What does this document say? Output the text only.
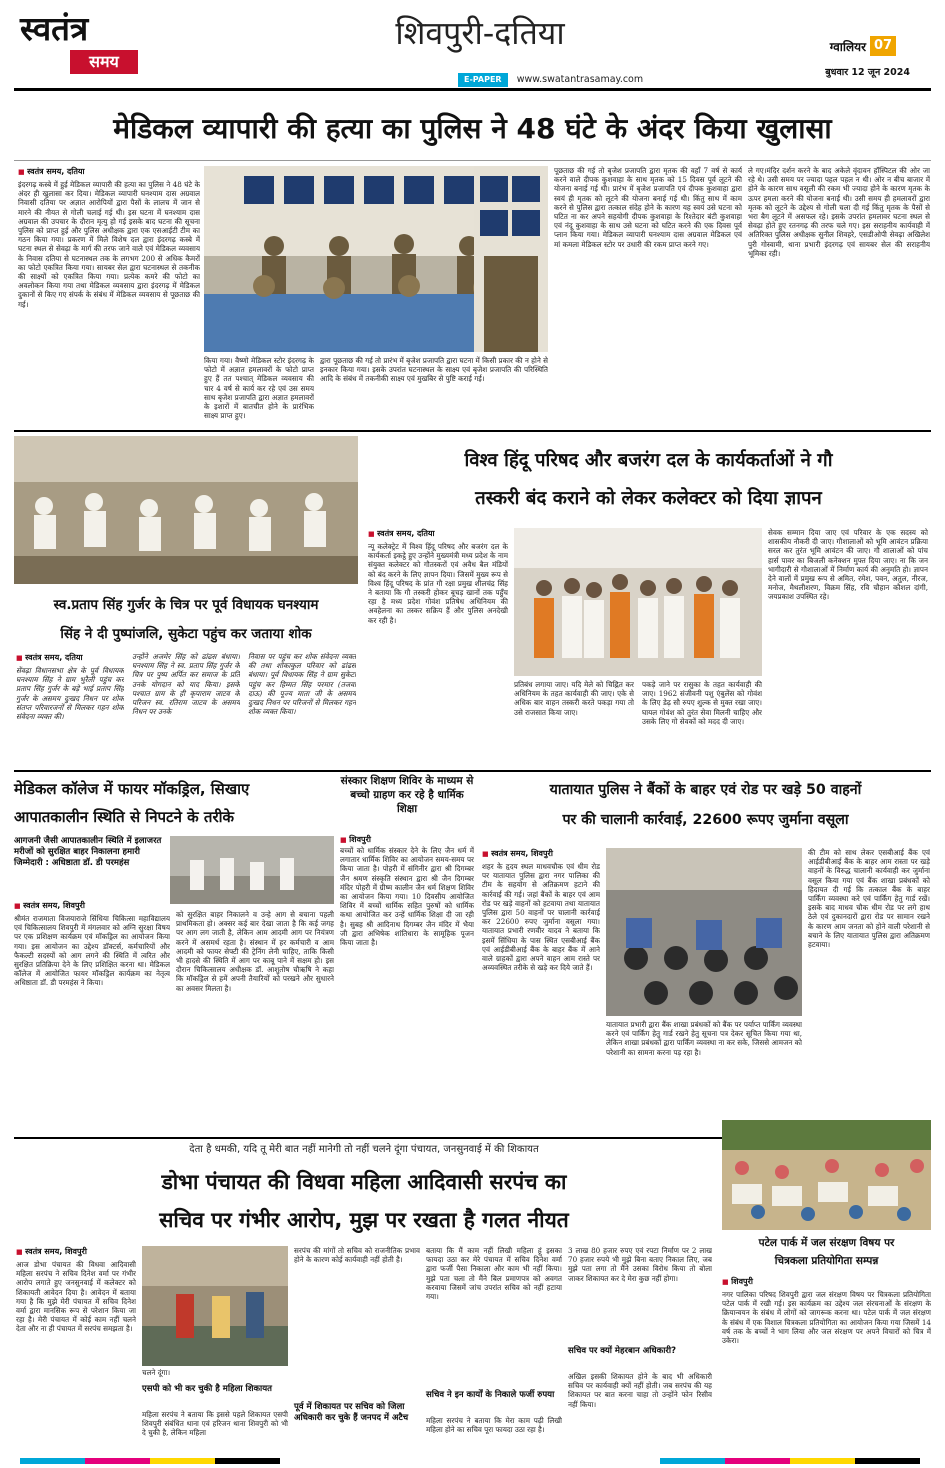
स्वतंत्र
समय
शिवपुरी-दतिया
E-PAPER www.swatantrasamay.com
ग्वालियर 07
बुधवार 12 जून 2024
मेडिकल व्यापारी की हत्या का पुलिस ने 48 घंटे के अंदर किया खुलासा
■ स्वतंत्र समय, दतिया
इंदरगढ़ कस्बे में हुई मेडिकल व्यापारी की हत्या का पुलिस ने 48 घंटे के अंदर ही खुलासा कर दिया। मेडिकल व्यापारी घनश्याम दास अग्रवाल निवासी दतिया पर अज्ञात आरोपियों द्वारा पैसों के लालच में जान से मारने की नीयत से गोली चलाई गई थी। इस घटना में घनश्याम दास अग्रवाल की उपचार के दौरान मृत्यु हो गई इसके बाद घटना की सूचना पुलिस को प्राप्त हुई और पुलिस अधीक्षक द्वारा एक एसआईटी टीम का गठन किया गया। प्रकरण में मिले विशेष दल द्वारा इंदरगढ़ कस्बे में घटना स्थल से सेवढ़ा के मार्ग की तरफ जाने वाले एवं मेडिकल व्यवसाय के निवास दतिया से घटनास्थल तक के लगभग 200 से अधिक कैमरों का फोटो एकत्रित किया गया। सायबर सेल द्वारा घटनास्थल से तकनीक की साक्ष्यों को एकत्रित किया गया। प्रत्येक कमरे की फोटो का अवलोकन किया गया तथा मेडिकल व्यवसाय द्वारा इंदरगढ़ में मेडिकल दुकानों से किए गए संपर्क के संबंध में मेडिकल व्यवसाय से पूछताछ की गई।
किया गया। वैष्णो मेडिकल स्टोर इंदरगढ़ के फोटो में अज्ञात हमलावरों के फोटो प्राप्त हुए हैं तत पश्चात् मेडिकल व्यवसाय की चार 4 वर्ष से कार्य कर रहे एवं उस समय साथ बृजेश प्रजापति द्वारा अज्ञात हमलावरों के इशारों में बातचीत होने के प्रारंभिक साक्ष्य प्राप्त हुए।
द्वारा पूछताछ की गई तो प्रारंभ में बृजेश प्रजापति द्वारा घटना में किसी प्रकार की न होने से इनकार किया गया। इसके उपरांत घटनास्थल के साक्ष्य एवं बृजेश प्रजापति की परिस्थिति आदि के संबंध में तकनीकी साक्ष्य एवं मुखबिर से पुष्टि कराई गई।
पूछताछ की गई तो बृजेश प्रजापति द्वारा मृतक की वहाँ 7 वर्ष से कार्य करने वाले दीपक कुशवाहा के साथ मृतक को 15 दिवस पूर्व लूटने की योजना बनाई गई थी। प्रारंभ में बृजेश प्रजापति एवं दीपक कुशवाहा द्वारा स्वयं ही मृतक को लूटने की योजना बनाई गई थी। किंतु साथ में काम करने से पुलिस द्वारा तत्काल संदेह होने के कारण यह स्वयं उसे घटना को घटित ना कर अपने सहयोगी दीपक कुशवाहा के रिश्तेदार बंटी कुशवाहा एवं नंदू कुशवाहा के साथ उसे घटना को घटित करने की एक दिवस पूर्व प्लान किया गया। मेडिकल व्यापारी घनश्याम दास अग्रवाल मेडिकल एवं मां कमला मेडिकल स्टोर पर उधारी की रकम प्राप्त करने गए।
ले गए।मंदिर दर्शन करने के बाद अकेले वृंदावन हॉस्पिटल की ओर जा रहे थे। उसी समय पर ज्यादा पहल पहल न थी। ओर न बीच बाजार में होने के कारण साथ वसूली की रकम भी ज्यादा होने के कारण मृतक के ऊपर हमला करने की योजना बनाई थी। उसी समय ही हमलावरों द्वारा मृतक को लूटने के उद्देश्य से गोली चला दी गई किंतु मृतक के पैसों से भरा बैग लूटने में असफल रहे। इसके उपरांत हमलावर घटना स्थल से सेवढ़ा होते हुए रतनगढ़ की तरफ चले गए। इस सराहनीय कार्यवाही में अतिरिक्त पुलिस अधीक्षक सुनील शिवहरे, एसडीओपी सेवढ़ा अखिलेश पुरी गोस्वामी, थाना प्रभारी इंदरगढ़ एवं सायबर सेल की सराहनीय भूमिका रही।
स्व.प्रताप सिंह गुर्जर के चित्र पर पूर्व विधायक घनश्याम
सिंह ने दी पुष्पांजलि, सुकेटा पहुंच कर जताया शोक
■ स्वतंत्र समय, दतिया
सेंवढ़ा विधानसभा क्षेत्र के पूर्व विधायक घनश्याम सिंह ने ग्राम भुरैली पहुंच कर प्रताप सिंह गुर्जर के बड़े भाई प्रताप सिंह गुर्जर के असमय दुःखद निधन पर शोक संतप्त परिवारजनों से मिलकर गहन शोक संवेदना व्यक्त की।
उन्होंने अजमेर सिंह को ढांढस बंधाया। घनश्याम सिंह ने स्व. प्रताप सिंह गुर्जर के चित्र पर पुष्प अर्पित कर समाज के प्रति उनके योगदान को याद किया। इसके पश्चात ग्राम के ही कृपाराम जाटव के परिजन स्व. रतिराम जाटव के असमय निधन पर उनके
निवास पर पहुंच कर शोक संवेदना व्यक्त की तथा शोकाकुल परिवार को ढांढस बंधाया। पूर्व विधायक सिंह ने ग्राम सुकेटा पहुंच कर हिम्मत सिंह परमार (तजवा दाऊ) की पूज्य माता जी के असमय दुःखद निधन पर परिजनों से मिलकर गहन शोक व्यक्त किया।
विश्व हिंदू परिषद और बजरंग दल के कार्यकर्ताओं ने गौ
तस्करी बंद कराने को लेकर कलेक्टर को दिया ज्ञापन
■ स्वतंत्र समय, दतिया
न्यू कलेक्ट्रेट में विश्व हिंदू परिषद और बजरंग दल के कार्यकर्ता इकट्ठे हुए उन्होंने मुख्यमंत्री मध्य प्रदेश के नाम संयुक्त कलेक्टर को गौतस्करों एवं अवैध बैल मंडियों को बंद करने के लिए ज्ञापन दिया। जिसमें मुख्य रूप से विश्व हिंदू परिषद के प्रांत गौ रक्षा प्रमुख शीलचंद्र सिंह ने बताया कि गौ तस्करी होकर बूचड़ खानों तक पहुँच रहा है मध्य प्रदेश गोवंश प्रतिषेध अधिनियम की अवहेलना का तस्कर सक्रिय हैं और पुलिस अनदेखी कर रही है।
प्रतिबंध लगाया जाए। यदि मेले को चिह्नित कर अधिनियम के तहत कार्यवाही की जाए। एके से अधिक बार वाहन तस्करी करते पकड़ा गया तो उसे राजसात किया जाए।
पकड़े जाने पर रासुका के तहत कार्यवाही की जाए। 1962 संजीवनी पशु एंबुलेंस को गोवंश के लिए डेढ़ सौ रुपए शुल्क से मुक्त रखा जाए। घायल गोवंश को तुरंत सेवा मिलनी चाहिए और उसके लिए गो सेवकों को मदद दी जाए।
सेवक सम्मान दिया जाए एवं परिवार के एक सदस्य को शासकीय नौकरी दी जाए। गौशालाओं को भूमि आवंटन प्रक्रिया सरल कर तुरंत भूमि आवंटन की जाए। गौ शालाओं को पांच हार्स पावर का बिजली कनेक्शन मुफ्त दिया जाए। ना कि जन भागीदारी से गौशालाओं में निर्माण कार्य की अनुमति हो। ज्ञापन देने वालों में प्रमुख रूप से अमित, रमेश, पवन, अतुल, नीरज, मनोज, मैथलीशरण, विक्रम सिंह, रवि चौहान कौशल दांगी, जयप्रकाश उपस्थित रहे।
मेडिकल कॉलेज में फायर मॉकड्रिल, सिखाए
आपातकालीन स्थिति से निपटने के तरीके
आगजनी जैसी आपातकालीन स्थिति में इलाजरत मरीजों को सुरक्षित बाहर निकालना हमारी जिम्मेदारी : अधिष्ठाता डॉ. डी परमहंस
■ स्वतंत्र समय, शिवपुरी
श्रीमंत राजमाता विजयाराजे सिंधिया चिकित्सा महाविद्यालय एवं चिकित्सालय शिवपुरी में मंगलवार को अग्नि सुरक्षा विषय पर एक प्रशिक्षण कार्यक्रम एवं मॉकड्रिल का आयोजन किया गया। इस आयोजन का उद्देश्य डॉक्टर्स, कर्मचारियों और फैकल्टी सदस्यों को आग लगने की स्थिति में त्वरित और सुरक्षित प्रतिक्रिया देने के लिए प्रशिक्षित करना था। मेडिकल कॉलेज में आयोजित फायर मॉकड्रिल कार्यक्रम का नेतृत्व अधिष्ठाता डॉ. डी परमहंस ने किया।
को सुरक्षित बाहर निकालने व उन्हे आग से बचाना पहली प्राथमिकता हो। अक्सर कई बार देखा जाता है कि कई जगह पर आग लग जाती है, लेकिन आम आदमी आग पर नियंत्रण करने में असमर्थ रहता है। संस्थान में हर कर्मचारी व आम आदमी को फायर सेफ्टी की ट्रेनिंग लेनी चाहिए, ताकि किसी भी हादसे की स्थिति में आग पर काबू पाने में सक्षम हो। इस दौरान चिकित्सालय अधीक्षक डॉ. आशुतोष चौऋषि ने कहा कि मॉकड्रिल से हमें अपनी तैयारियों को परखने और सुधारने का अवसर मिलता है।
संस्कार शिक्षण शिविर के माध्यम से बच्चो ग्राहण कर रहे है धार्मिक शिक्षा
■ शिवपुरी
बच्चों को धार्मिक संस्कार देने के लिए जैन धर्म में लगातार धार्मिक शिविर का आयोजन समय-समय पर किया जाता है। पोहरी में संगिनीर द्वारा श्री दिगम्बर जैन श्रमण संस्कृति संस्थान द्वारा श्री जैन दिगम्बर मंदिर पोहरी में ग्रीष्म कालीन जैन धर्म शिक्षण शिविर का आयोजन किया गया। 10 दिवसीय आयोजित शिविर में बच्चों धार्मिक सहित पुरुषों को धार्मिक कथा आयोजित कर उन्हें धार्मिक शिक्षा दी जा रही है। सुबह श्री आदिनाथ दिगम्बर जैन मंदिर में भैया जी द्वारा अभिषेक शांतिधारा के सामूहिक पूजन किया जाता है।
यातायात पुलिस ने बैंकों के बाहर एवं रोड पर खड़े 50 वाहनों
पर की चालानी कार्रवाई, 22600 रूपए जुर्माना वसूला
■ स्वतंत्र समय, शिवपुरी
शहर के हृदय स्थल माधवचौक एवं धीम रोड पर यातायात पुलिस द्वारा नगर पालिका की टीम के सहयोग से अतिक्रमण हटाने की कार्रवाई की गई। जहां बैंकों के बाहर एवं आम रोड पर खड़े वाहनों को हटवाया तथा यातायात पुलिस द्वारा 50 वाहनों पर चालानी कार्रवाई कर 22600 रुपए जुर्माना वसूला गया। यातायात प्रभारी रणवीर यादव ने बताया कि इसमें सिंधिया के पास स्थित एसबीआई बैंक एवं आईडीबीआई बैंक के बाहर बैंक में आने वाले ग्राहकों द्वारा अपने वाहन आम रास्ते पर अव्यवस्थित तरीके से खड़े कर दिये जाते हैं।
यातायात प्रभारी द्वारा बैंक शाखा प्रबंधकों को बैंक पर पर्याप्त पार्किंग व्यवस्था करने एवं पार्किंग हेतु गार्ड रखने हेतु सूचना पत्र देकर सूचित किया गया था, लेकिन शाखा प्रबंधकों द्वारा पार्किंग व्यवस्था ना कर सके, जिससे आमजन को परेशानी का सामना करना पड़ रहा है।
की टीम को साथ लेकर एसबीआई बैंक एवं आईडीबीआई बैंक के बाहर आम रास्ता पर खड़े वाहनों के विरुद्ध चालानी कार्यवाही कर जुर्माना वसूल किया गया एवं बैंक शाखा प्रबंधकों को हिदायत दी गई कि तत्काल बैंक के बाहर पार्किंग व्यवस्था करे एवं पार्किंग हेतु गार्ड रखें। इसके बाद माधव चौक धीम रोड पर लगे हाथ ठेले एवं दुकानदारों द्वारा रोड पर सामान रखने के कारण आम जनता को होने वाली परेशानी से बचाने के लिए यातायात पुलिस द्वारा अतिक्रमण हटवाया।
देता है धमकी, यदि तू मेरी बात नहीं मानेगी तो नहीं चलने दूंगा पंचायत, जनसुनवाई में की शिकायत
डोभा पंचायत की विधवा महिला आदिवासी सरपंच का
सचिव पर गंभीर आरोप, मुझ पर रखता है गलत नीयत
■ स्वतंत्र समय, शिवपुरी
आज डोभा पंचायत की विधवा आदिवासी महिला सरपंच ने सचिव दिनेश वर्मा पर गंभीर आरोप लगाते हुए जनसुनवाई में कलेक्टर को शिकायती आवेदन दिया है। आवेदन में बताया गया है कि मुझे मेरी पंचायत में सचिव दिनेश वर्मा द्वारा मानसिक रूप से परेशान किया जा रहा है। मेरी पंचायत में कोई काम नहीं चलने देता और ना ही पंचायत में सरपंच समझता है।
चलने दूंगा।
एसपी को भी कर चुकी है महिला शिकायत
महिला सरपंच ने बताया कि इससे पहले शिकायत एसपी शिवपुरी संबंधित थाना एवं हरिजन थाना शिवपुरी को भी दे चुकी है, लेकिन महिला
सरपंच की मांगों तो सचिव को राजनीतिक प्रभाव होने के कारण कोई कार्यवाही नहीं होती है।
पूर्व में शिकायत पर सचिव को जिला अधिकारी कर चुके हैं जनपद में अटैच
बताया कि मैं काम नहीं लिखी महिला हूं इसका फायदा उठा कर मेरे पंचायत में सचिव दिनेश वर्मा द्वारा फर्जी पैसा निकाला और काम भी नहीं किया। मुझे पता चला तो मैंने बिल प्रमाणपत्र को अवगत करवाया जिसमें जांच उपरांत सचिव को नहीं हटाया गया।
सचिव ने इन कार्यों के निकाले फर्जी रुपया
महिला सरपंच ने बताया कि मेरा काम पढ़ी लिखी महिला होने का सचिव पूरा फायदा उठा रहा है।
3 लाख 80 हजार रुपए एवं रपटा निर्माण पर 2 लाख 70 हजार रुपये भी मुझे बिना बताए निकाल लिए, जब मुझे पता लगा तो मैंने उसका विरोध किया तो बोला जाकर शिकायत कर दे मेरा कुछ नहीं होगा।
सचिव पर क्यों मेहरबान अधिकारी?
अखिल इसकी शिकायत होने के बाद भी अधिकारी सचिव पर कार्यवाही क्यों नहीं होती। जब सरपंच की यह शिकायत पर बात करना चाहा तो उन्होंने फोन रिसीव नहीं किया।
पटेल पार्क में जल संरक्षण विषय पर
चित्रकला प्रतियोगिता सम्पन्न
■ शिवपुरी
नगर पालिका परिषद शिवपुरी द्वारा जल संरक्षण विषय पर चित्रकला प्रतियोगिता पटेल पार्क में रखी गई। इस कार्यक्रम का उद्देश्य जल संरचनाओं के संरक्षण के क्रियान्वयन के संबंध में लोगों को जागरूक करना था। पटेल पार्क में जल संरक्षण के संबंध में एक विशाल चित्रकला प्रतियोगिता का आयोजन किया गया जिसमें 14 वर्ष तक के बच्चों ने भाग लिया और जल संरक्षण पर अपने विचारों को चित्र में उकेरा।
